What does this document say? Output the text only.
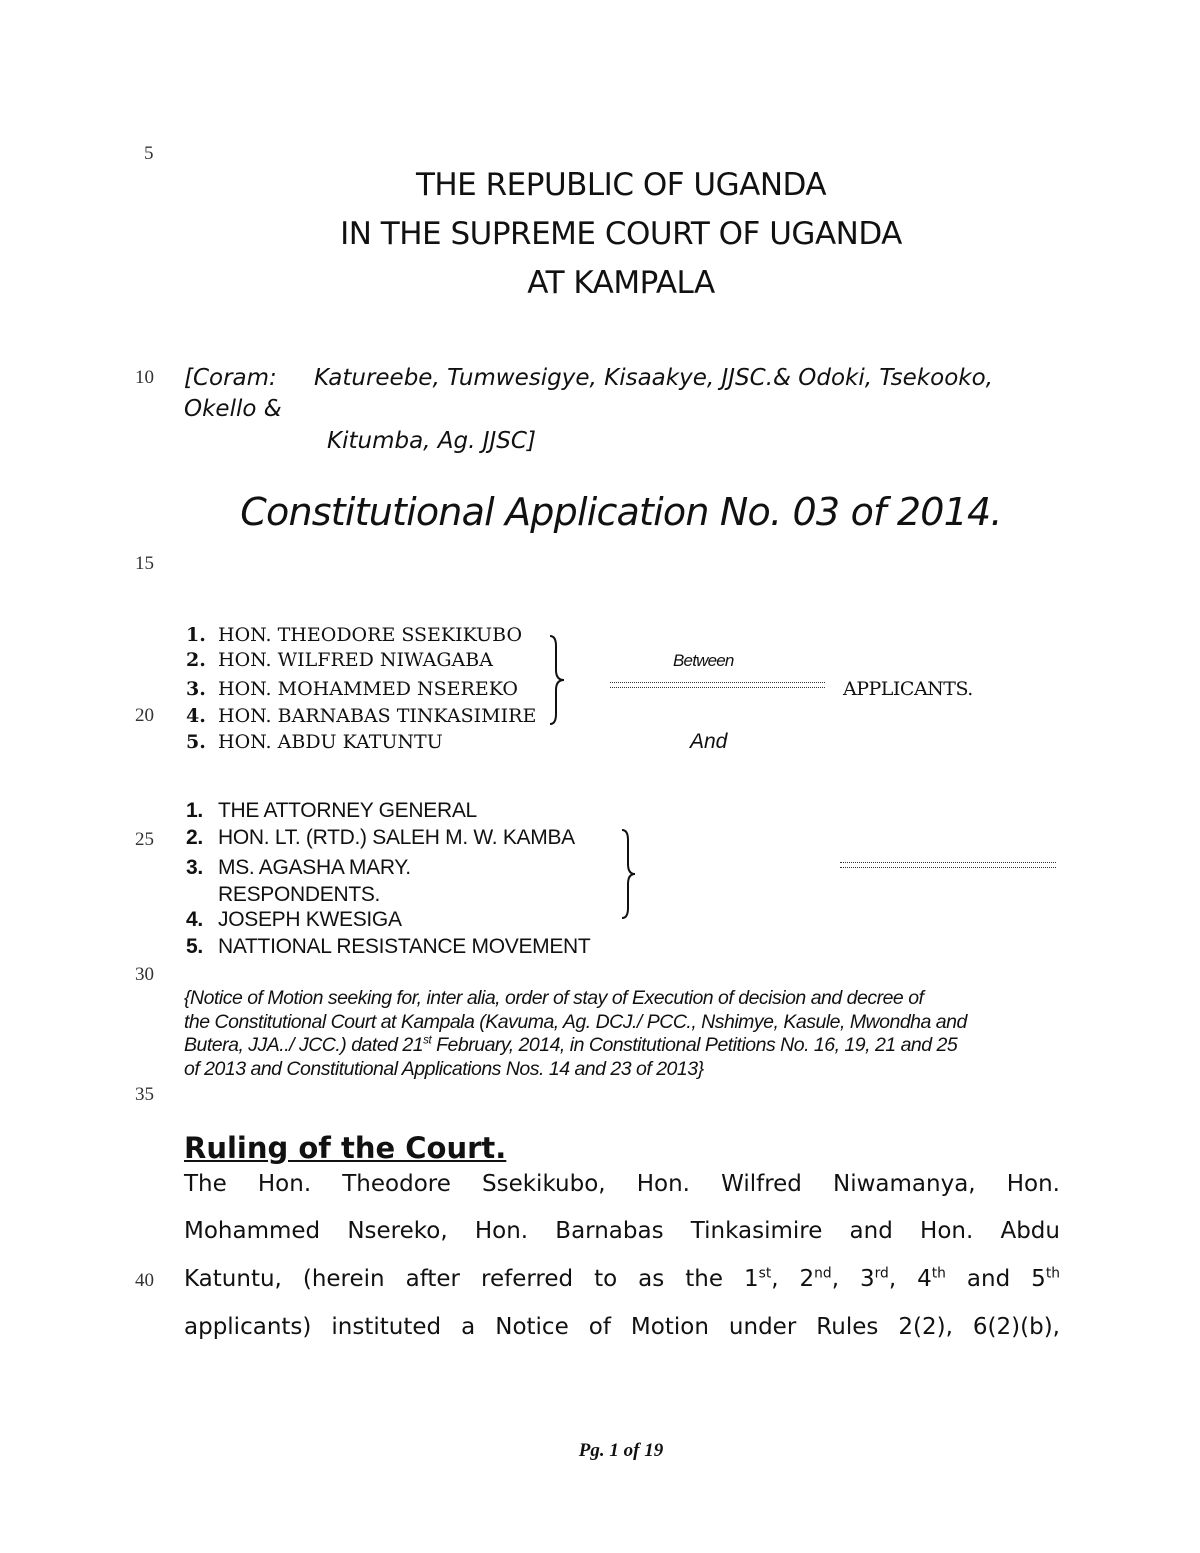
5
10
15
20
25
30
35
40
THE REPUBLIC OF UGANDA
IN THE SUPREME COURT OF UGANDA
AT KAMPALA
[Coram: Katureebe, Tumwesigye, Kisaakye, JJSC.& Odoki, Tsekooko,
Okello &
Kitumba, Ag. JJSC]
Constitutional Application No. 03 of 2014.
1. HON. THEODORE SSEKIKUBO
2. HON. WILFRED NIWAGABA
3. HON. MOHAMMED NSEREKO
4. HON. BARNABAS TINKASIMIRE
5. HON. ABDU KATUNTU
Between
APPLICANTS.
And
1. THE ATTORNEY GENERAL
2. HON. LT. (RTD.) SALEH M. W. KAMBA
3. MS. AGASHA MARY.
RESPONDENTS.
4. JOSEPH KWESIGA
5. NATTIONAL RESISTANCE MOVEMENT
{Notice of Motion seeking for, inter alia, order of stay of Execution of decision and decree of
the Constitutional Court at Kampala (Kavuma, Ag. DCJ./ PCC., Nshimye, Kasule, Mwondha and
Butera, JJA../ JCC.) dated 21st February, 2014, in Constitutional Petitions No. 16, 19, 21 and 25
of 2013 and Constitutional Applications Nos. 14 and 23 of 2013}
Ruling of the Court.
The Hon. Theodore Ssekikubo, Hon. Wilfred Niwamanya, Hon.
Mohammed Nsereko, Hon. Barnabas Tinkasimire and Hon. Abdu
Katuntu, (herein after referred to as the 1st, 2nd, 3rd, 4th and 5th
applicants) instituted a Notice of Motion under Rules 2(2), 6(2)(b),
Pg. 1 of 19
